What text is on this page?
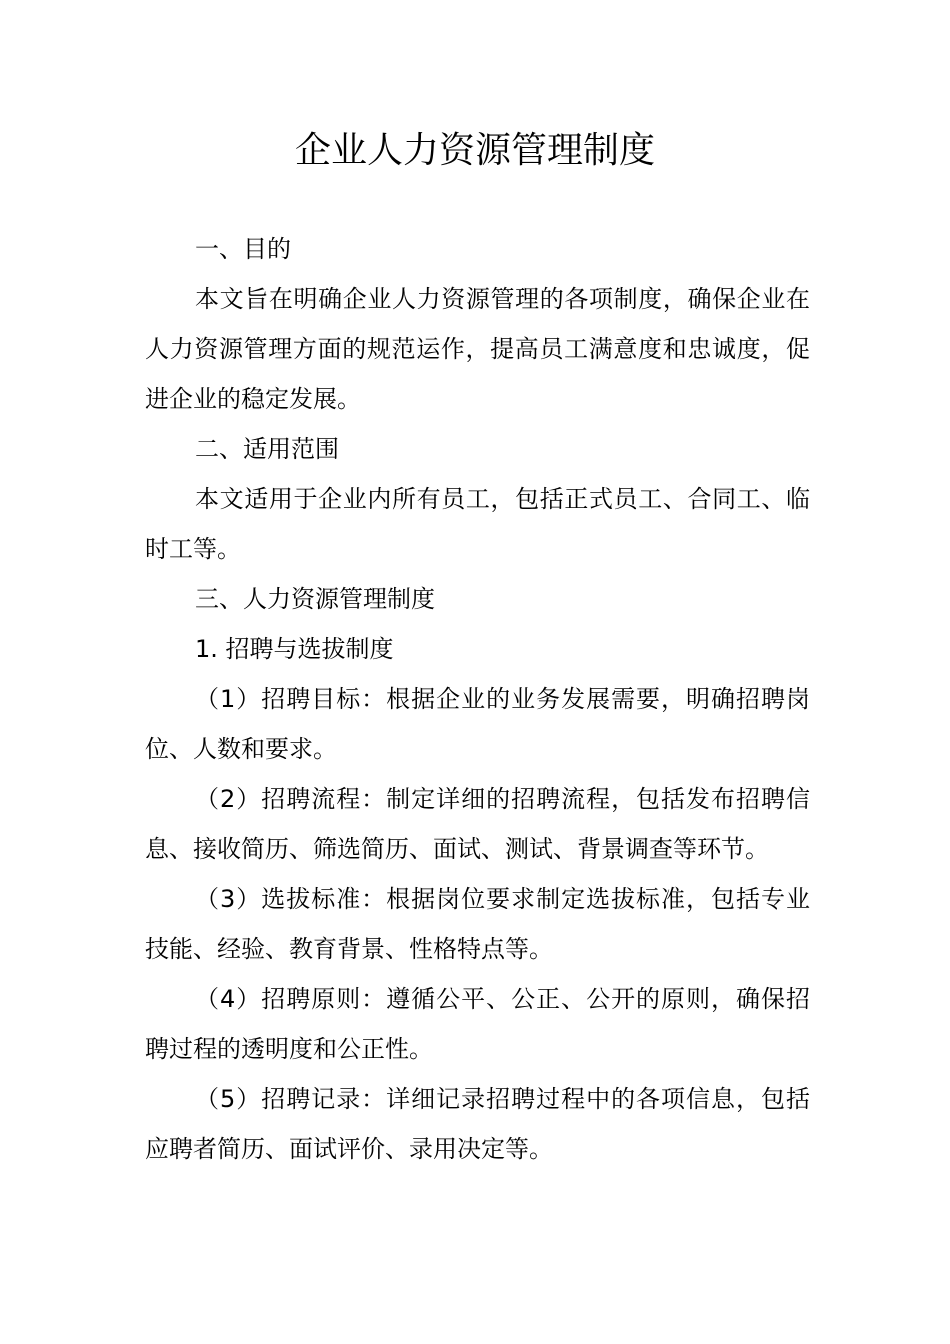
企业人力资源管理制度

一、目的

本文旨在明确企业人力资源管理的各项制度，确保企业在人力资源管理方面的规范运作，提高员工满意度和忠诚度，促进企业的稳定发展。

二、适用范围

本文适用于企业内所有员工，包括正式员工、合同工、临时工等。

三、人力资源管理制度

1. 招聘与选拔制度

（1）招聘目标：根据企业的业务发展需要，明确招聘岗位、人数和要求。

（2）招聘流程：制定详细的招聘流程，包括发布招聘信息、接收简历、筛选简历、面试、测试、背景调查等环节。

（3）选拔标准：根据岗位要求制定选拔标准，包括专业技能、经验、教育背景、性格特点等。

（4）招聘原则：遵循公平、公正、公开的原则，确保招聘过程的透明度和公正性。

（5）招聘记录：详细记录招聘过程中的各项信息，包括应聘者简历、面试评价、录用决定等。
